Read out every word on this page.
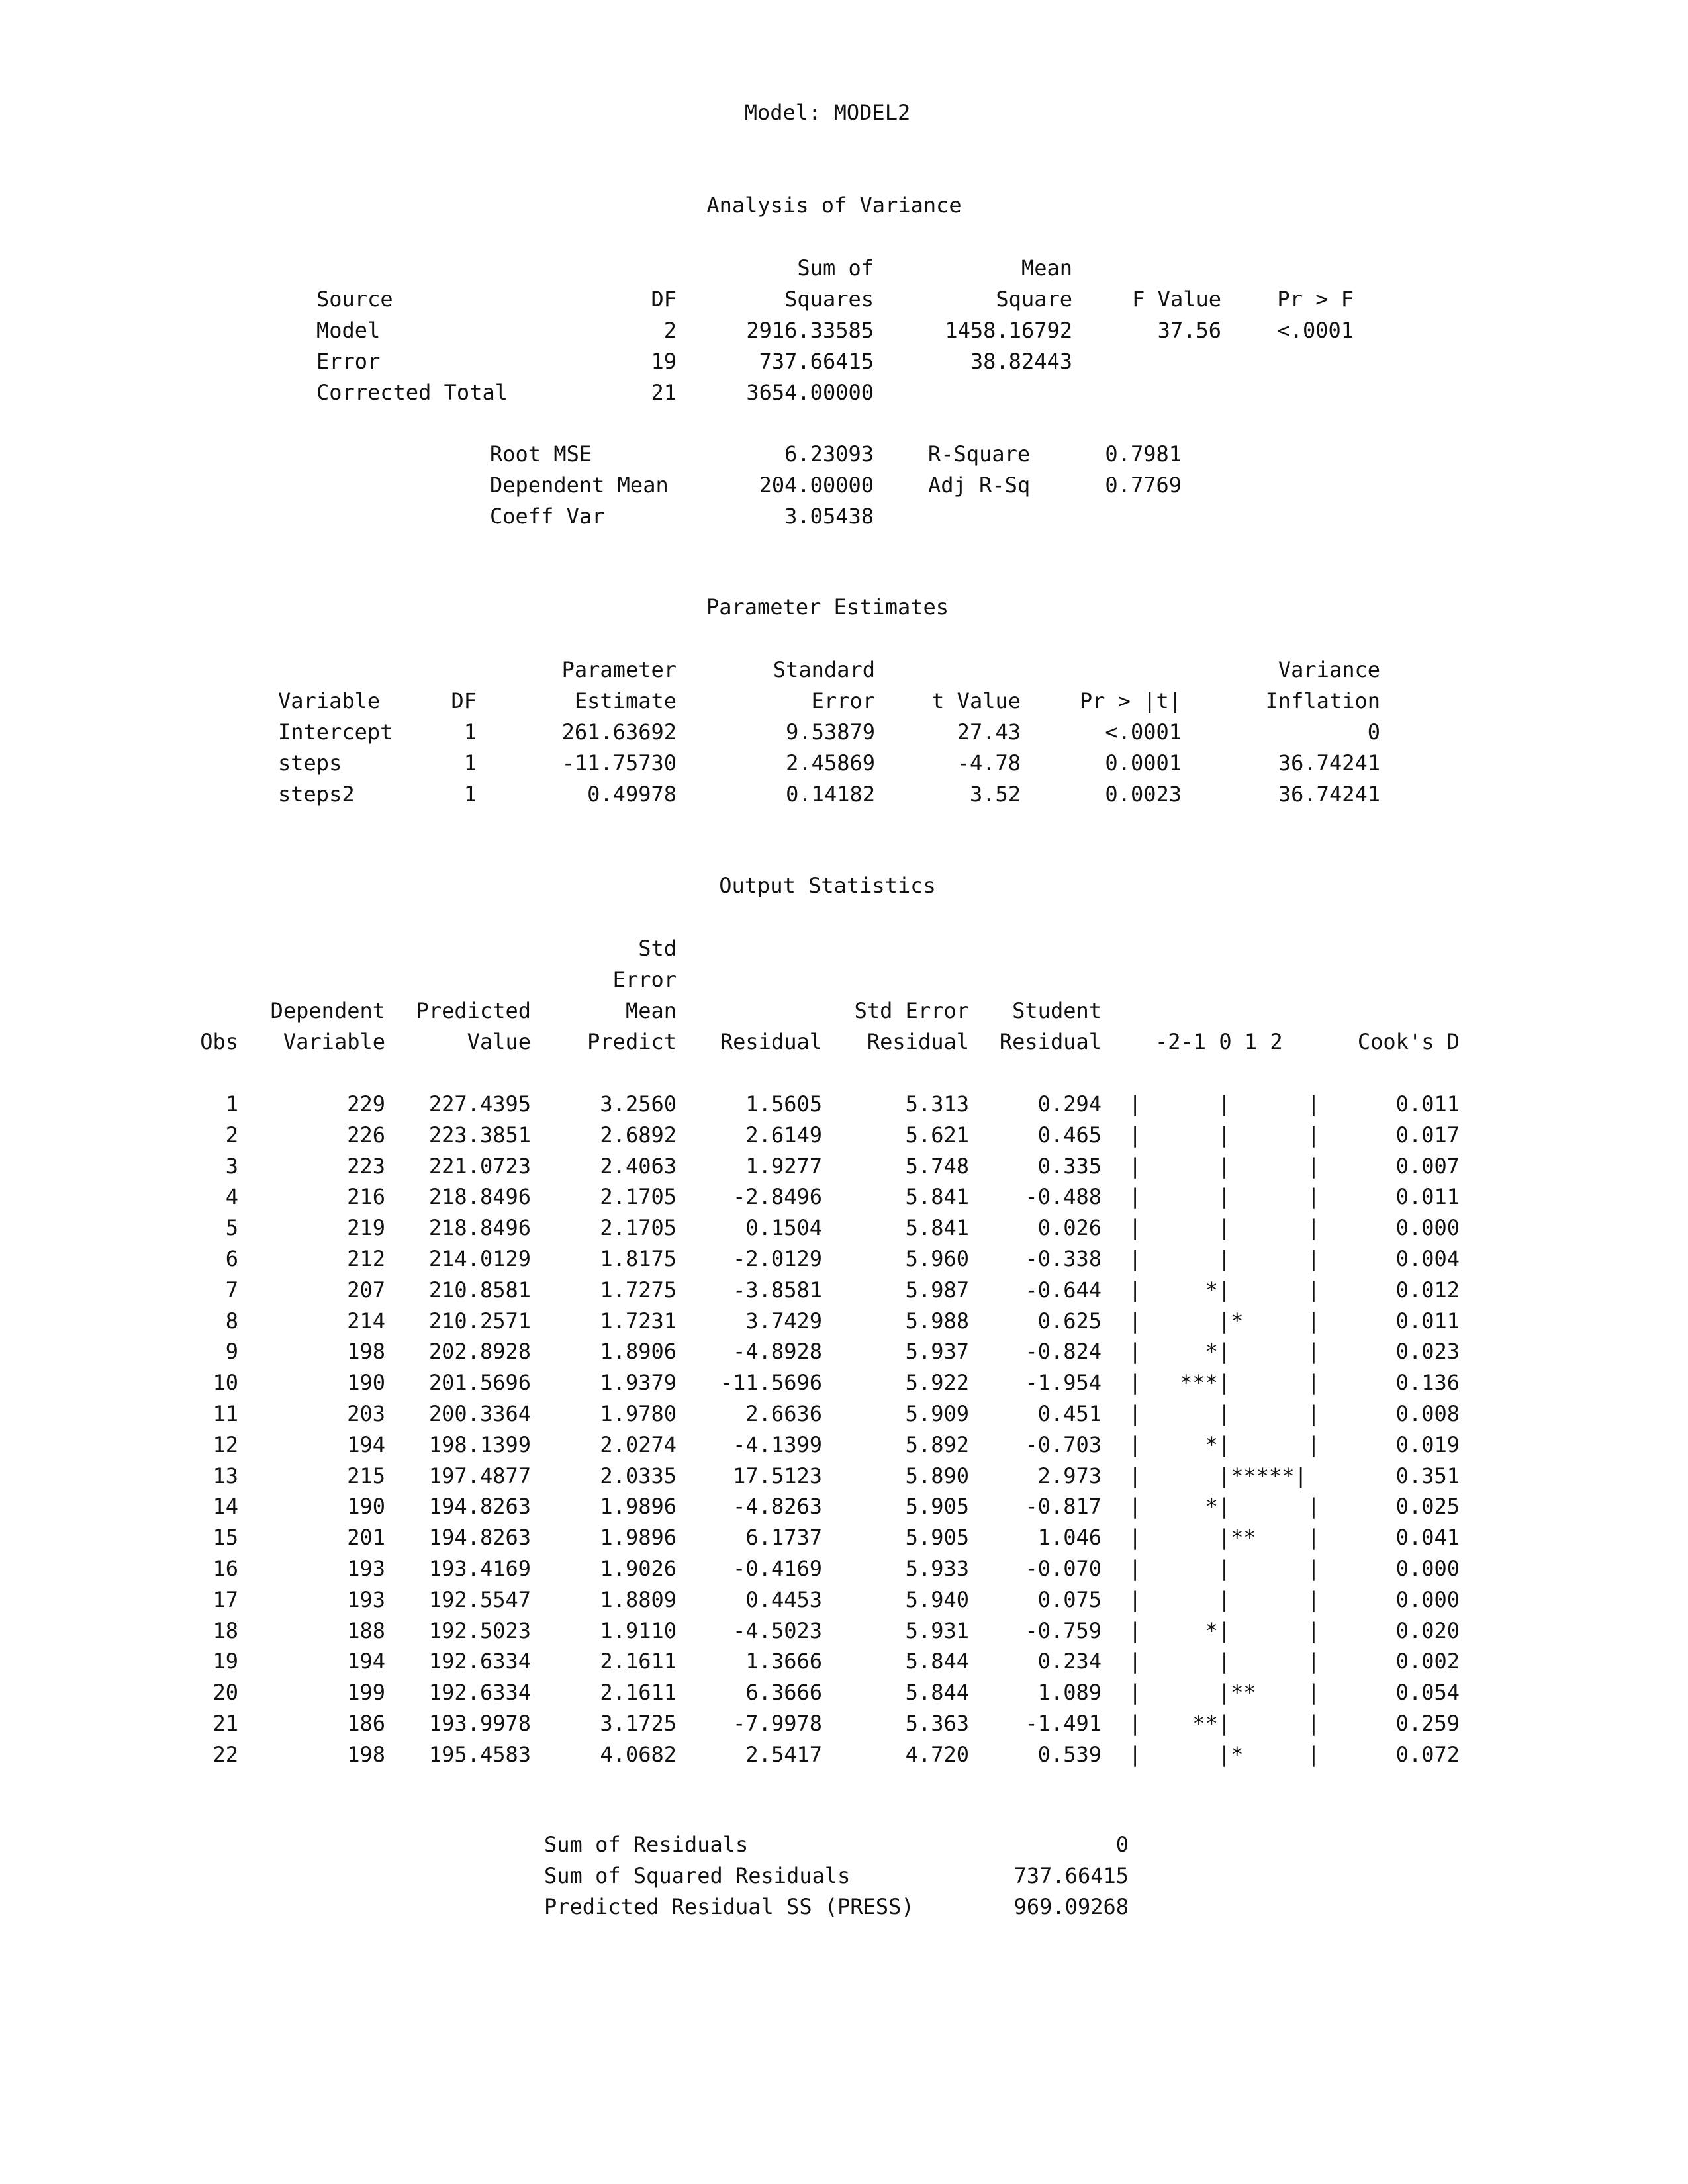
Model: MODEL2
Analysis of Variance
Sum of	Mean
Source	DF	Squares	Square	F Value	Pr > F
Model	2	2916.33585	1458.16792	37.56	<.0001
Error	19	737.66415	38.82443
Corrected Total	21	3654.00000
Root MSE	6.23093	R-Square	0.7981
Dependent Mean	204.00000	Adj R-Sq	0.7769
Coeff Var	3.05438
Parameter Estimates
Parameter	Standard	Variance
Variable	DF	Estimate	Error	t Value	Pr > |t|	Inflation
Intercept	1	261.63692	9.53879	27.43	<.0001	0
steps	1	-11.75730	2.45869	-4.78	0.0001	36.74241
steps2	1	0.49978	0.14182	3.52	0.0023	36.74241
Output Statistics
Std
Error
Dependent	Predicted	Mean	Std Error	Student
Obs	Variable	Value	Predict	Residual	Residual	Residual	-2-1 0 1 2	Cook's D
1	229	227.4395	3.2560	1.5605	5.313	0.294 |      |      |	0.011
2	226	223.3851	2.6892	2.6149	5.621	0.465 |      |      |	0.017
3	223	221.0723	2.4063	1.9277	5.748	0.335 |      |      |	0.007
4	216	218.8496	2.1705	-2.8496	5.841	-0.488 |      |      |	0.011
5	219	218.8496	2.1705	0.1504	5.841	0.026 |      |      |	0.000
6	212	214.0129	1.8175	-2.0129	5.960	-0.338 |      |      |	0.004
7	207	210.8581	1.7275	-3.8581	5.987	-0.644 |     *|      |	0.012
8	214	210.2571	1.7231	3.7429	5.988	0.625 |      |*     |	0.011
9	198	202.8928	1.8906	-4.8928	5.937	-0.824 |     *|      |	0.023
10	190	201.5696	1.9379	-11.5696	5.922	-1.954 |   ***|      |	0.136
11	203	200.3364	1.9780	2.6636	5.909	0.451 |      |      |	0.008
12	194	198.1399	2.0274	-4.1399	5.892	-0.703 |     *|      |	0.019
13	215	197.4877	2.0335	17.5123	5.890	2.973 |      |*****|	0.351
14	190	194.8263	1.9896	-4.8263	5.905	-0.817 |     *|      |	0.025
15	201	194.8263	1.9896	6.1737	5.905	1.046 |      |**    |	0.041
16	193	193.4169	1.9026	-0.4169	5.933	-0.070 |      |      |	0.000
17	193	192.5547	1.8809	0.4453	5.940	0.075 |      |      |	0.000
18	188	192.5023	1.9110	-4.5023	5.931	-0.759 |     *|      |	0.020
19	194	192.6334	2.1611	1.3666	5.844	0.234 |      |      |	0.002
20	199	192.6334	2.1611	6.3666	5.844	1.089 |      |**    |	0.054
21	186	193.9978	3.1725	-7.9978	5.363	-1.491 |    **|      |	0.259
22	198	195.4583	4.0682	2.5417	4.720	0.539 |      |*     |	0.072
Sum of Residuals	0
Sum of Squared Residuals	737.66415
Predicted Residual SS (PRESS)	969.09268
